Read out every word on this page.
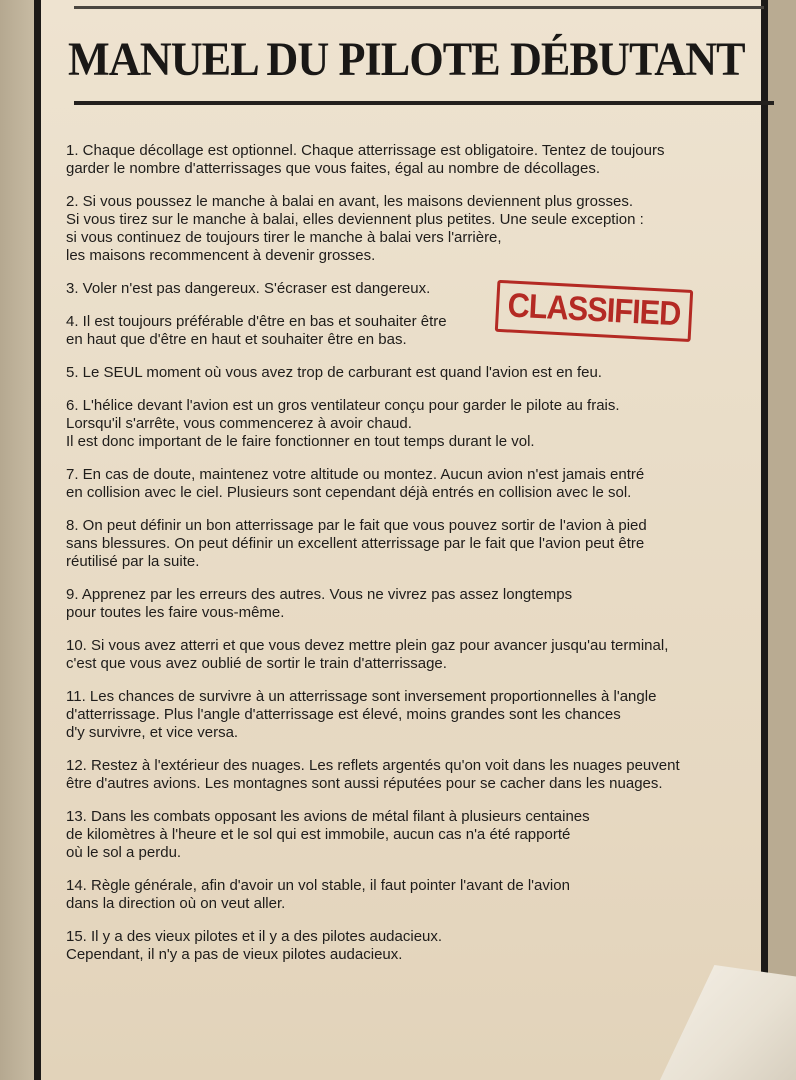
MANUEL DU PILOTE DÉBUTANT
1. Chaque décollage est optionnel. Chaque atterrissage est obligatoire. Tentez de toujours
garder le nombre d'atterrissages que vous faites, égal au nombre de décollages.
2. Si vous poussez le manche à balai en avant, les maisons deviennent plus grosses.
Si vous tirez sur le manche à balai, elles deviennent plus petites. Une seule exception :
si vous continuez de toujours tirer le manche à balai vers l'arrière,
les maisons recommencent à devenir grosses.
3. Voler n'est pas dangereux. S'écraser est dangereux.
4. Il est toujours préférable d'être en bas et souhaiter être
en haut que d'être en haut et souhaiter être en bas.
5. Le SEUL moment où vous avez trop de carburant est quand l'avion est en feu.
6. L'hélice devant l'avion est un gros ventilateur conçu pour garder le pilote au frais.
Lorsqu'il s'arrête, vous commencerez à avoir chaud.
Il est donc important de le faire fonctionner en tout temps durant le vol.
7. En cas de doute, maintenez votre altitude ou montez. Aucun avion n'est jamais entré
en collision avec le ciel. Plusieurs sont cependant déjà entrés en collision avec le sol.
8. On peut définir un bon atterrissage par le fait que vous pouvez sortir de l'avion à pied
sans blessures. On peut définir un excellent atterrissage par le fait que l'avion peut être
réutilisé par la suite.
9. Apprenez par les erreurs des autres. Vous ne vivrez pas assez longtemps
pour toutes les faire vous-même.
10. Si vous avez atterri et que vous devez mettre plein gaz pour avancer jusqu'au terminal,
c'est que vous avez oublié de sortir le train d'atterrissage.
11. Les chances de survivre à un atterrissage sont inversement proportionnelles à l'angle
d'atterrissage. Plus l'angle d'atterrissage est élevé, moins grandes sont les chances
d'y survivre, et vice versa.
12. Restez à l'extérieur des nuages. Les reflets argentés qu'on voit dans les nuages peuvent
être d'autres avions. Les montagnes sont aussi réputées pour se cacher dans les nuages.
13. Dans les combats opposant les avions de métal filant à plusieurs centaines
de kilomètres à l'heure et le sol qui est immobile, aucun cas n'a été rapporté
où le sol a perdu.
14. Règle générale, afin d'avoir un vol stable, il faut pointer l'avant de l'avion
dans la direction où on veut aller.
15. Il y a des vieux pilotes et il y a des pilotes audacieux.
Cependant, il n'y a pas de vieux pilotes audacieux.
CLASSIFIED
